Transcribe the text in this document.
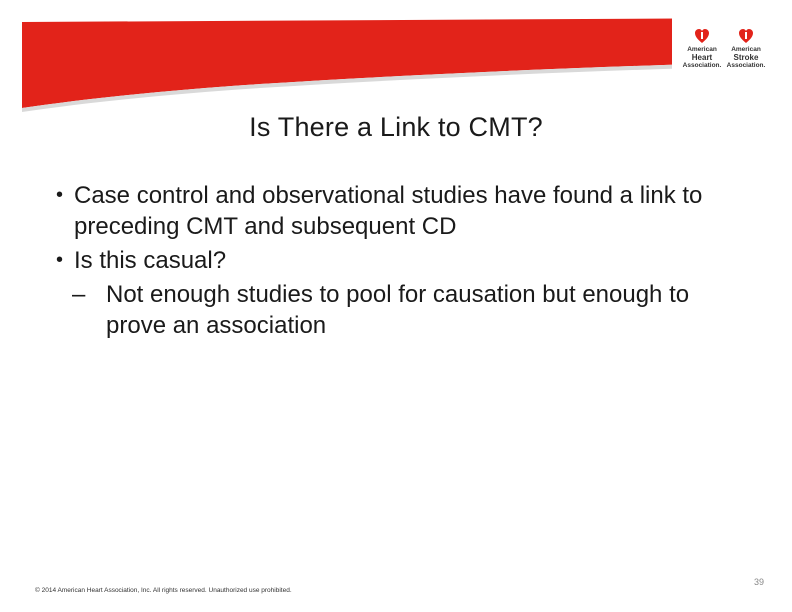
American
Heart
Association.
American
Stroke
Association.
Is There a Link to CMT?
• Case control and observational studies have found a link to preceding CMT and subsequent CD
• Is this casual?
– Not enough studies to pool for causation but enough to prove an association
© 2014 American Heart Association, Inc. All rights reserved. Unauthorized use prohibited.
39
